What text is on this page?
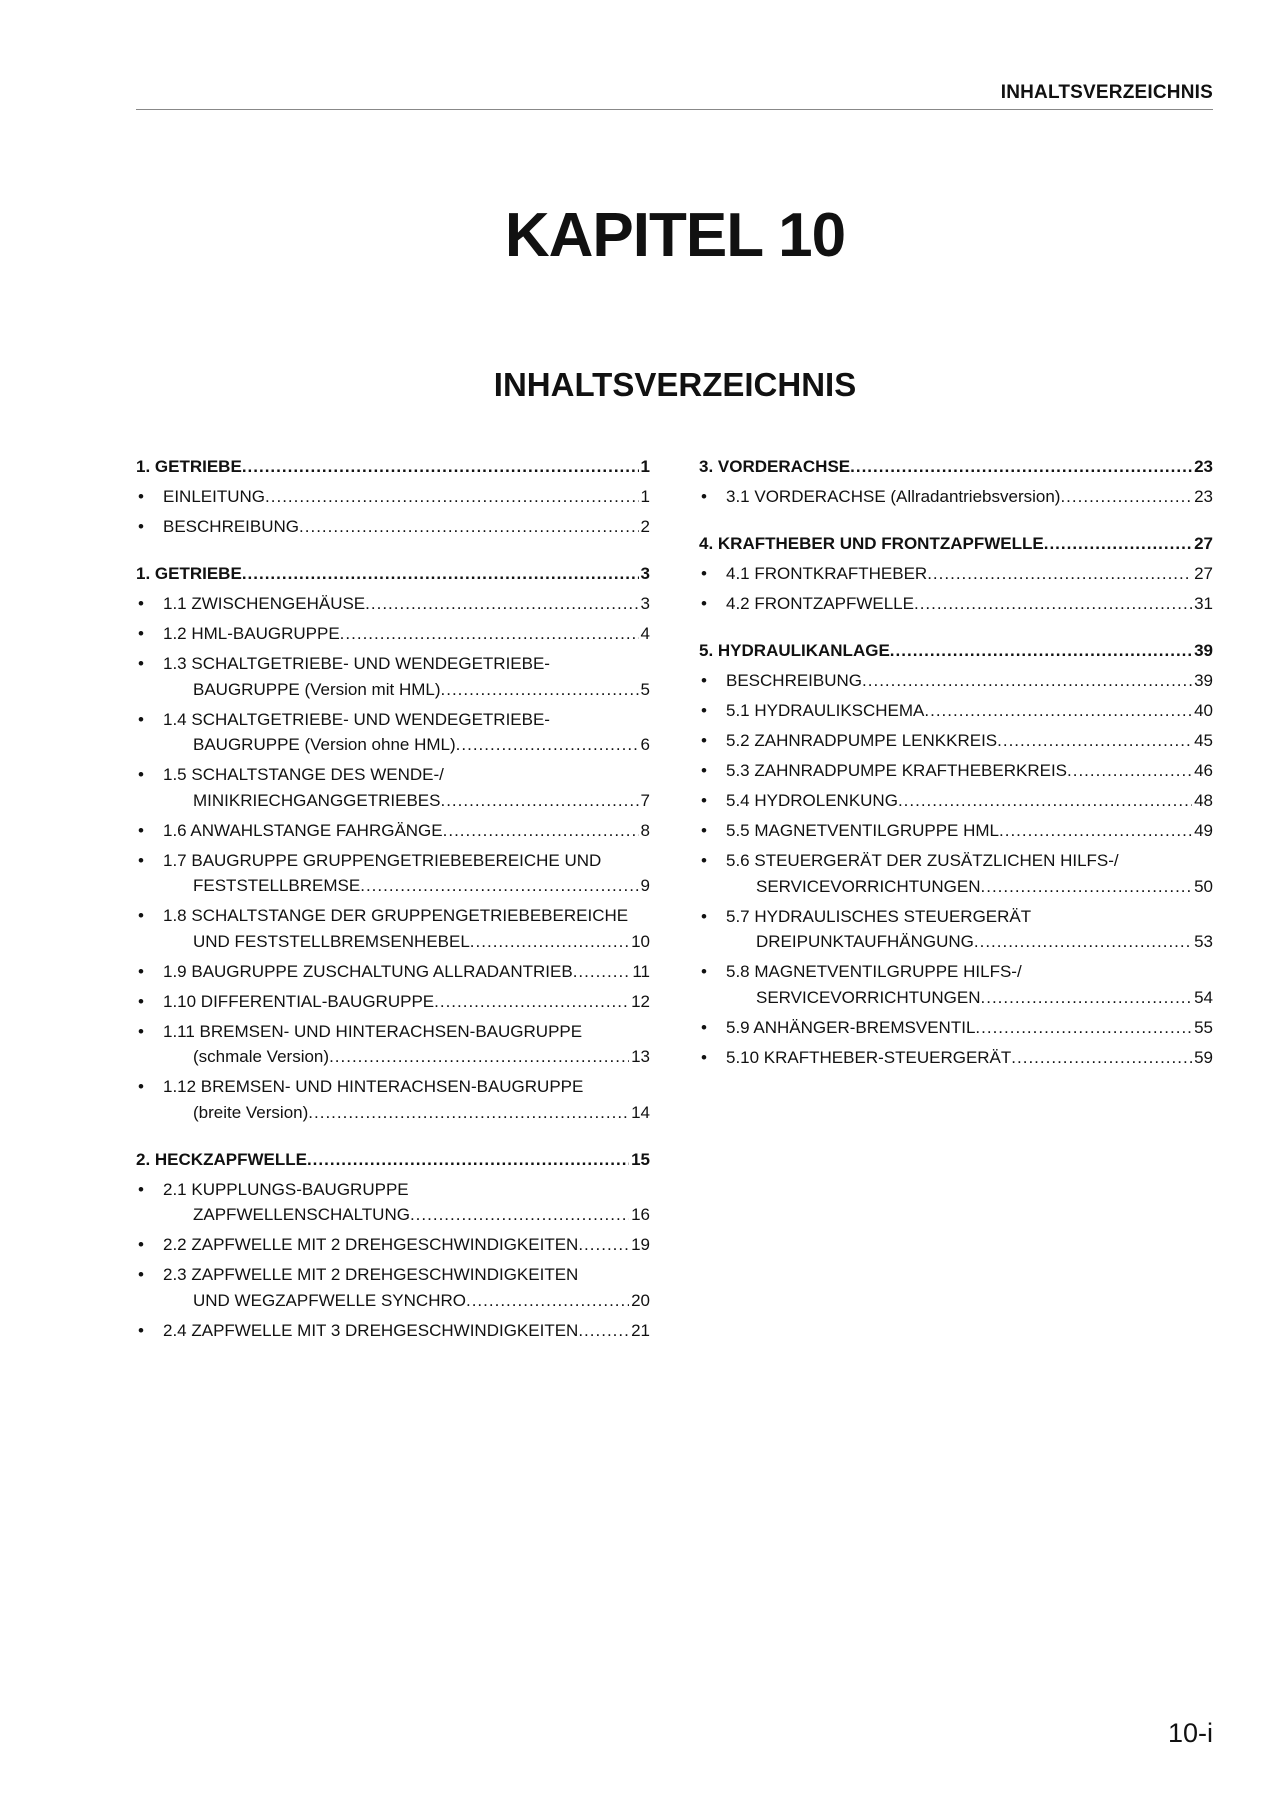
INHALTSVERZEICHNIS
KAPITEL 10
INHALTSVERZEICHNIS
1. GETRIEBE .....	1
•	EINLEITUNG .....	1
•	BESCHREIBUNG .....	2
1. GETRIEBE .....	3
•	1.1 ZWISCHENGEHÄUSE .....	3
•	1.2 HML-BAUGRUPPE .....	4
•	1.3 SCHALTGETRIEBE- UND WENDEGETRIEBE-
BAUGRUPPE (Version mit HML) .....	5
•	1.4 SCHALTGETRIEBE- UND WENDEGETRIEBE-
BAUGRUPPE (Version ohne HML) .....	6
•	1.5 SCHALTSTANGE DES WENDE-/
MINIKRIECHGANGGETRIEBES .....	7
•	1.6 ANWAHLSTANGE FAHRGÄNGE .....	8
•	1.7 BAUGRUPPE GRUPPENGETRIEBEBEREICHE UND
FESTSTELLBREMSE .....	9
•	1.8 SCHALTSTANGE DER GRUPPENGETRIEBEBEREICHE
UND FESTSTELLBREMSENHEBEL .....	10
•	1.9 BAUGRUPPE ZUSCHALTUNG ALLRADANTRIEB .....	11
•	1.10 DIFFERENTIAL-BAUGRUPPE .....	12
•	1.11 BREMSEN- UND HINTERACHSEN-BAUGRUPPE
(schmale Version) .....	13
•	1.12 BREMSEN- UND HINTERACHSEN-BAUGRUPPE
(breite Version) .....	14
2. HECKZAPFWELLE .....	15
•	2.1 KUPPLUNGS-BAUGRUPPE
ZAPFWELLENSCHALTUNG .....	16
•	2.2 ZAPFWELLE MIT 2 DREHGESCHWINDIGKEITEN .....	19
•	2.3 ZAPFWELLE MIT 2 DREHGESCHWINDIGKEITEN
UND WEGZAPFWELLE SYNCHRO .....	20
•	2.4 ZAPFWELLE MIT 3 DREHGESCHWINDIGKEITEN .....	21
3. VORDERACHSE .....	23
•	3.1 VORDERACHSE (Allradantriebsversion) .....	23
4. KRAFTHEBER UND FRONTZAPFWELLE .....	27
•	4.1 FRONTKRAFTHEBER .....	27
•	4.2 FRONTZAPFWELLE .....	31
5. HYDRAULIKANLAGE .....	39
•	BESCHREIBUNG .....	39
•	5.1 HYDRAULIKSCHEMA .....	40
•	5.2 ZAHNRADPUMPE LENKKREIS .....	45
•	5.3 ZAHNRADPUMPE KRAFTHEBERKREIS .....	46
•	5.4 HYDROLENKUNG .....	48
•	5.5 MAGNETVENTILGRUPPE HML .....	49
•	5.6 STEUERGERÄT DER ZUSÄTZLICHEN HILFS-/
SERVICEVORRICHTUNGEN .....	50
•	5.7 HYDRAULISCHES STEUERGERÄT
DREIPUNKTAUFHÄNGUNG .....	53
•	5.8 MAGNETVENTILGRUPPE HILFS-/
SERVICEVORRICHTUNGEN .....	54
•	5.9 ANHÄNGER-BREMSVENTIL .....	55
•	5.10 KRAFTHEBER-STEUERGERÄT .....	59
10-i
